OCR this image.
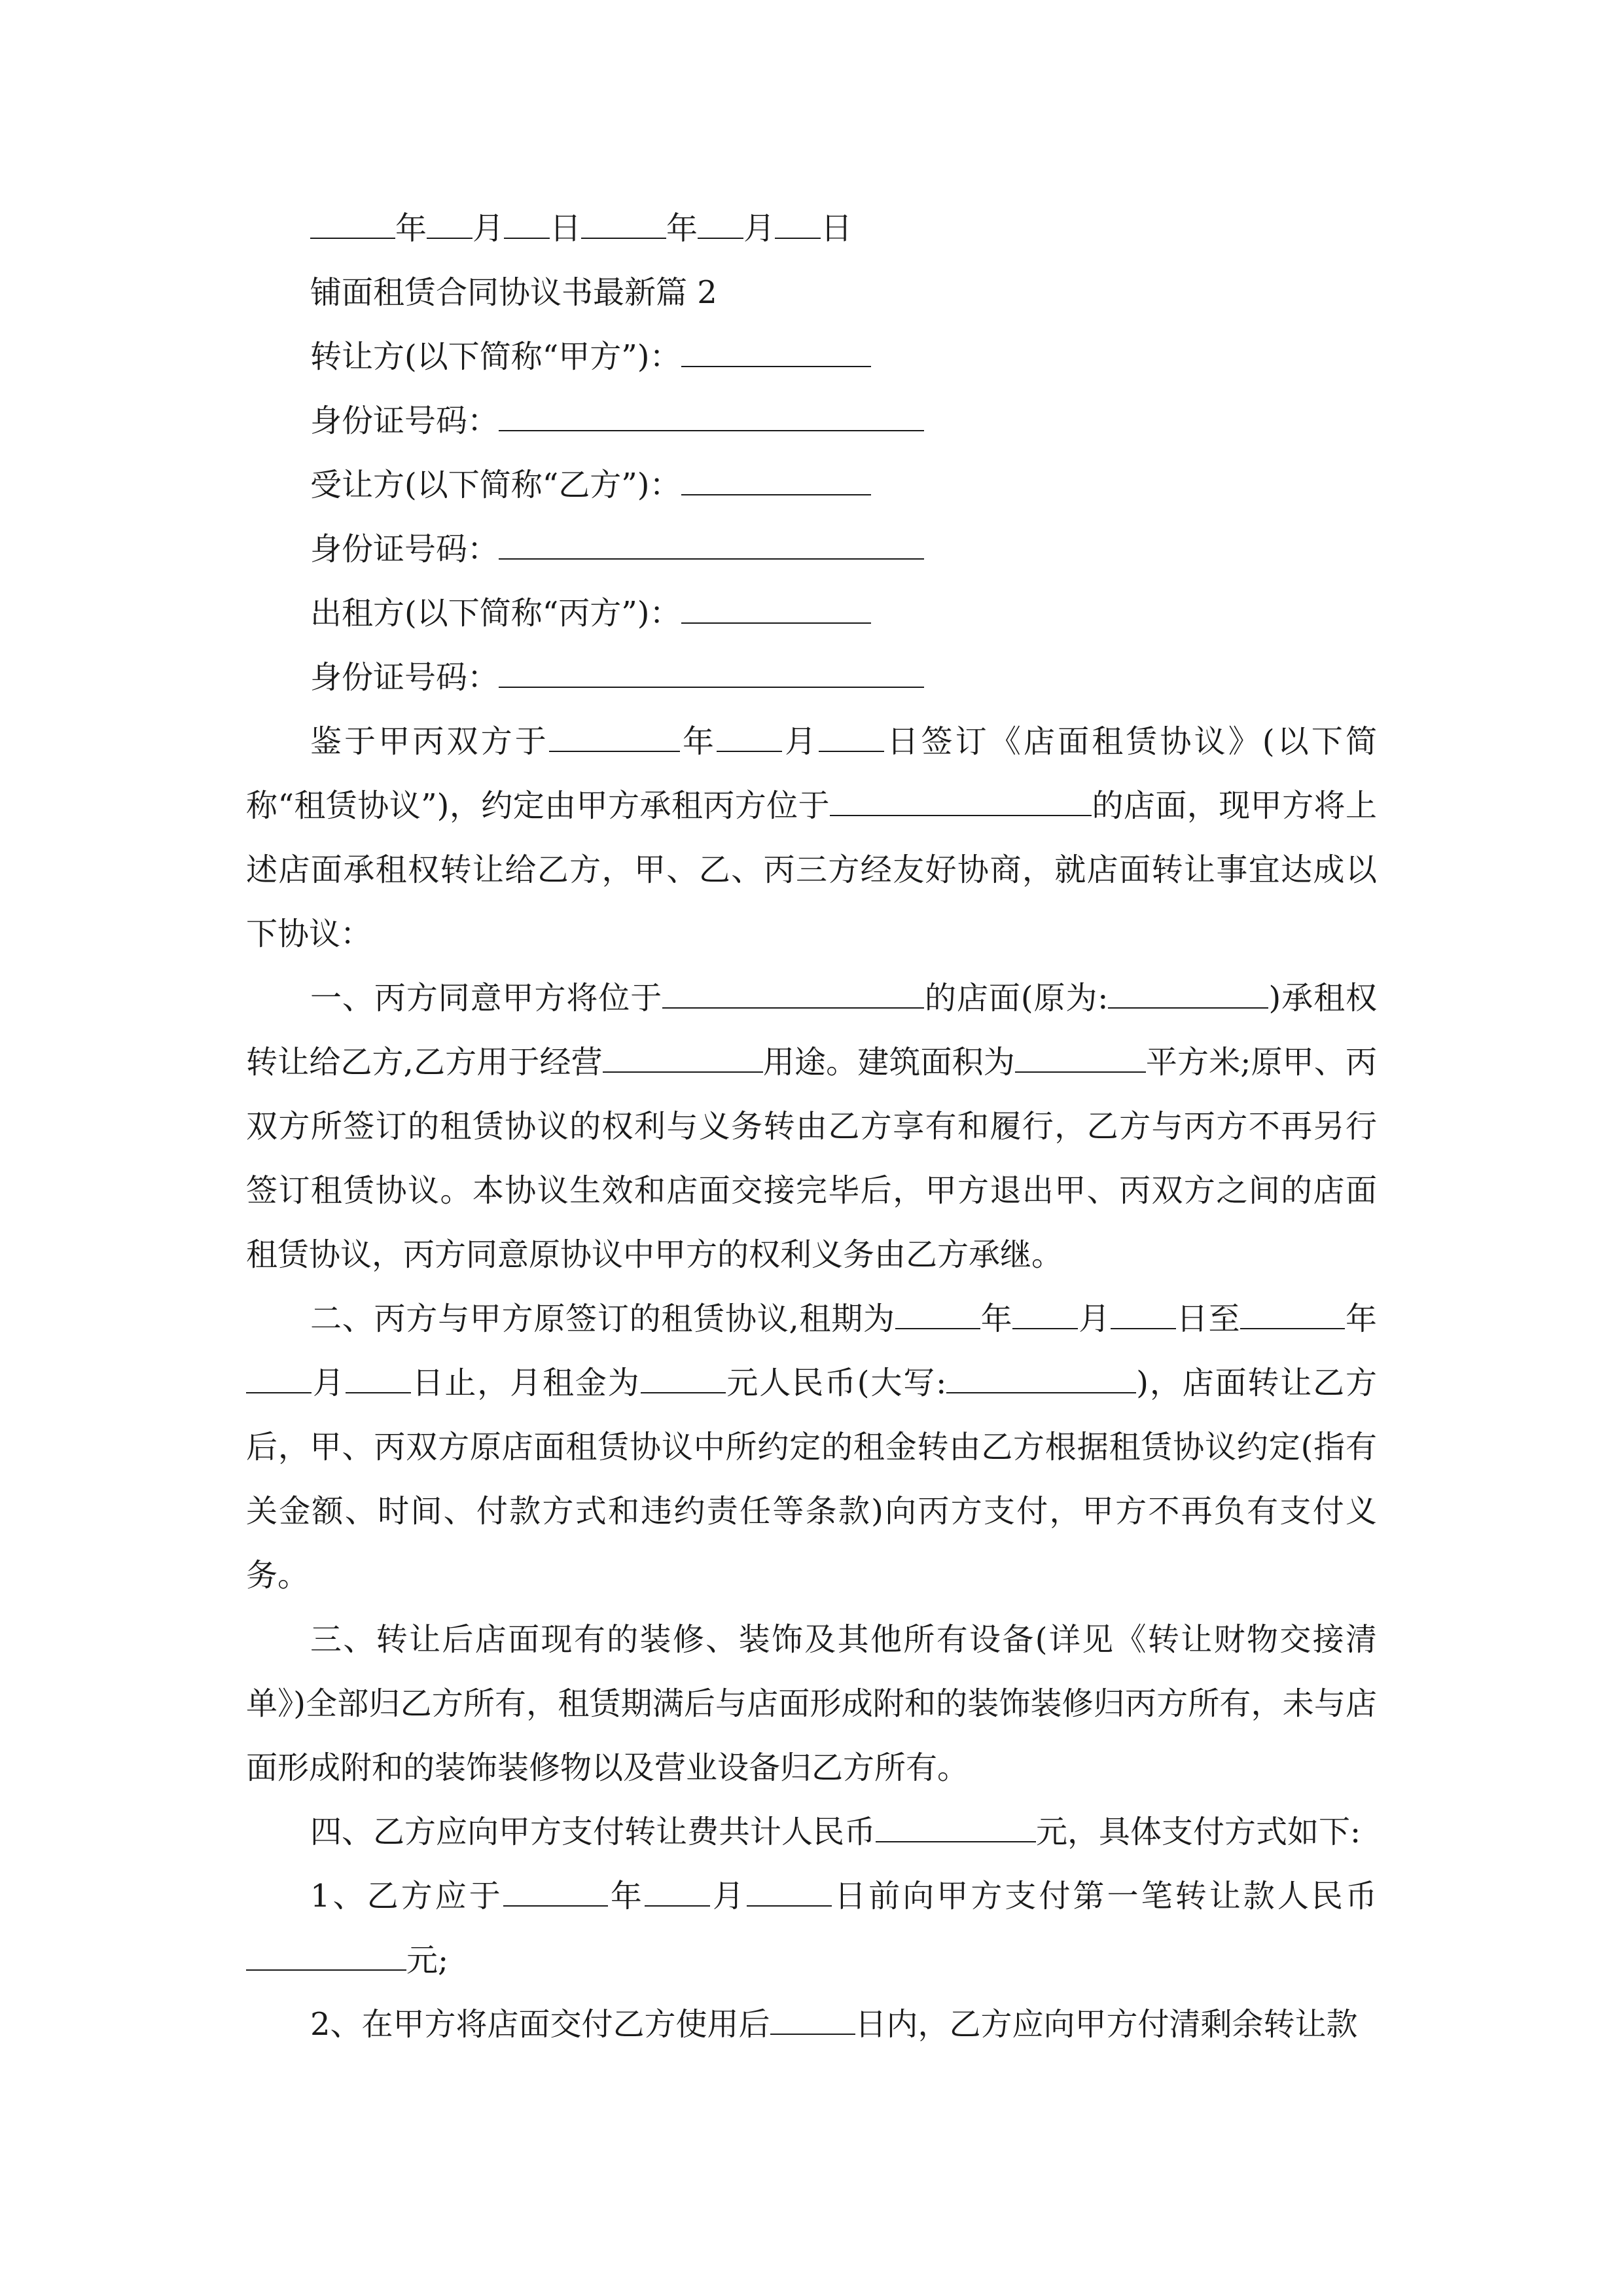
年 月 日	年 月 日

铺面租赁合同协议书最新篇 2

转让方(以下简称“甲方”)：

身份证号码：

受让方(以下简称“乙方”)：

身份证号码：

出租方(以下简称“丙方”)：

身份证号码：

鉴于甲丙双方于	年 月 日签订《店面租赁协议》(以下简称“租赁协议”)，约定由甲方承租丙方位于	的店面，现甲方将上述店面承租权转让给乙方，甲、乙、丙三方经友好协商，就店面转让事宜达成以下协议：

一、丙方同意甲方将位于	的店面(原为:	)承租权转让给乙方,乙方用于经营	用途。建筑面积为	平方米;原甲、丙双方所签订的租赁协议的权利与义务转由乙方享有和履行，乙方与丙方不再另行签订租赁协议。本协议生效和店面交接完毕后，甲方退出甲、丙双方之间的店面租赁协议，丙方同意原协议中甲方的权利义务由乙方承继。

二、丙方与甲方原签订的租赁协议,租期为	年 月 日至	年月 日止，月租金为	元人民币(大写:	)，店面转让乙方后，甲、丙双方原店面租赁协议中所约定的租金转由乙方根据租赁协议约定(指有关金额、时间、付款方式和违约责任等条款)向丙方支付，甲方不再负有支付义务。

三、转让后店面现有的装修、装饰及其他所有设备(详见《转让财物交接清单》)全部归乙方所有，租赁期满后与店面形成附和的装饰装修归丙方所有，未与店面形成附和的装饰装修物以及营业设备归乙方所有。

四、乙方应向甲方支付转让费共计人民币	元，具体支付方式如下:

1、乙方应于	年 月	日前向甲方支付第一笔转让款人民币元;

2、在甲方将店面交付乙方使用后	日内，乙方应向甲方付清剩余转让款
